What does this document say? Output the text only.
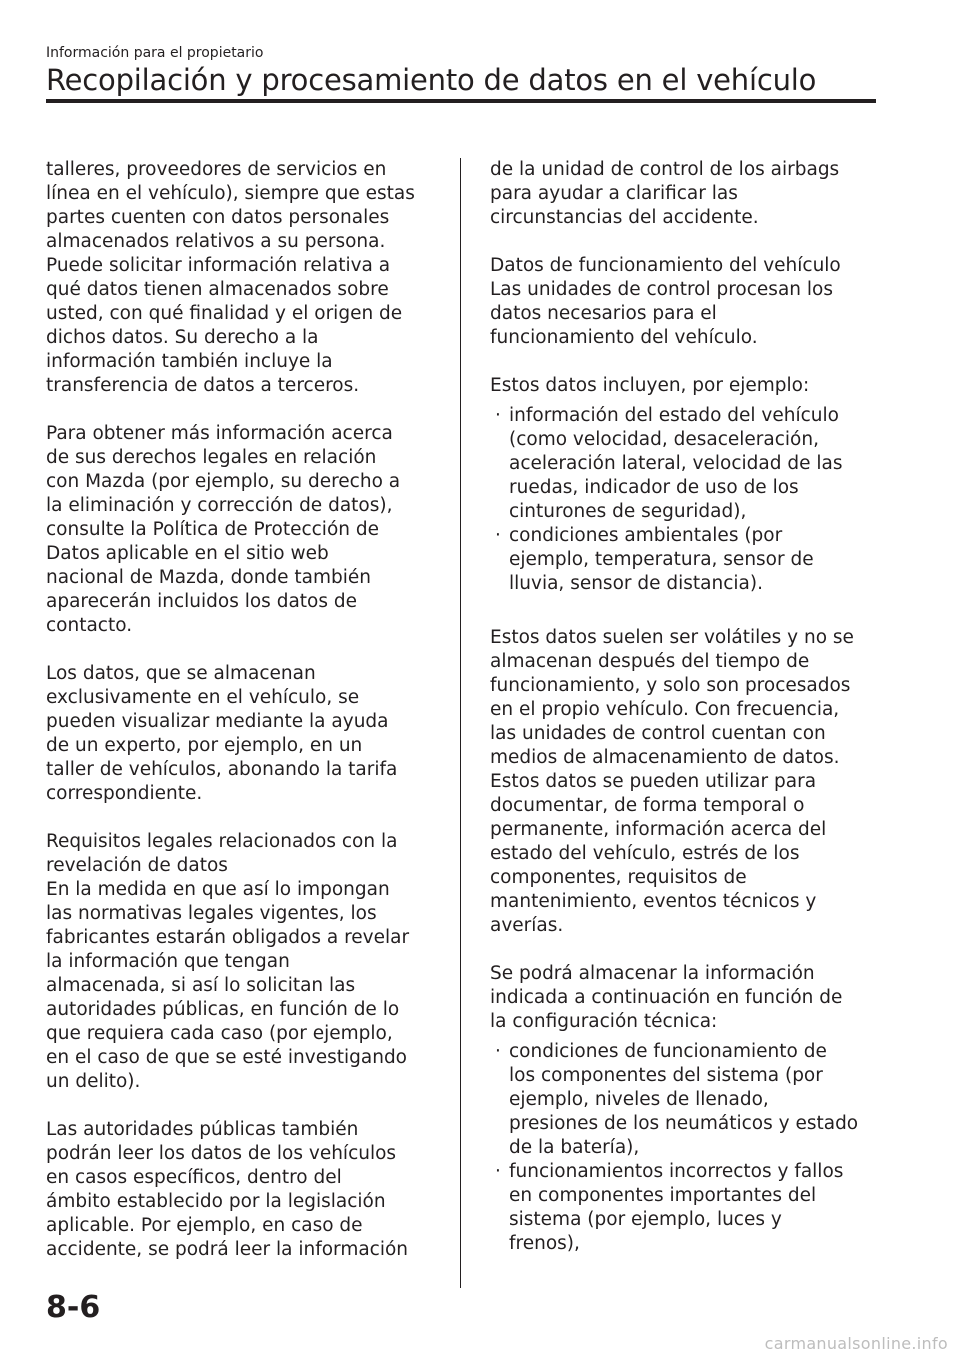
Información para el propietario
Recopilación y procesamiento de datos en el vehículo

talleres, proveedores de servicios en
línea en el vehículo), siempre que estas
partes cuenten con datos personales
almacenados relativos a su persona.
Puede solicitar información relativa a
qué datos tienen almacenados sobre
usted, con qué finalidad y el origen de
dichos datos. Su derecho a la
información también incluye la
transferencia de datos a terceros.

Para obtener más información acerca
de sus derechos legales en relación
con Mazda (por ejemplo, su derecho a
la eliminación y corrección de datos),
consulte la Política de Protección de
Datos aplicable en el sitio web
nacional de Mazda, donde también
aparecerán incluidos los datos de
contacto.

Los datos, que se almacenan
exclusivamente en el vehículo, se
pueden visualizar mediante la ayuda
de un experto, por ejemplo, en un
taller de vehículos, abonando la tarifa
correspondiente.

Requisitos legales relacionados con la
revelación de datos

En la medida en que así lo impongan
las normativas legales vigentes, los
fabricantes estarán obligados a revelar
la información que tengan
almacenada, si así lo solicitan las
autoridades públicas, en función de lo
que requiera cada caso (por ejemplo,
en el caso de que se esté investigando
un delito).

Las autoridades públicas también
podrán leer los datos de los vehículos
en casos específicos, dentro del
ámbito establecido por la legislación
aplicable. Por ejemplo, en caso de
accidente, se podrá leer la información

de la unidad de control de los airbags
para ayudar a clarificar las
circunstancias del accidente.

Datos de funcionamiento del vehículo

Las unidades de control procesan los
datos necesarios para el
funcionamiento del vehículo.

Estos datos incluyen, por ejemplo:

· información del estado del vehículo
(como velocidad, desaceleración,
aceleración lateral, velocidad de las
ruedas, indicador de uso de los
cinturones de seguridad),
· condiciones ambientales (por
ejemplo, temperatura, sensor de
lluvia, sensor de distancia).

Estos datos suelen ser volátiles y no se
almacenan después del tiempo de
funcionamiento, y solo son procesados
en el propio vehículo. Con frecuencia,
las unidades de control cuentan con
medios de almacenamiento de datos.
Estos datos se pueden utilizar para
documentar, de forma temporal o
permanente, información acerca del
estado del vehículo, estrés de los
componentes, requisitos de
mantenimiento, eventos técnicos y
averías.

Se podrá almacenar la información
indicada a continuación en función de
la configuración técnica:

· condiciones de funcionamiento de
los componentes del sistema (por
ejemplo, niveles de llenado,
presiones de los neumáticos y estado
de la batería),
· funcionamientos incorrectos y fallos
en componentes importantes del
sistema (por ejemplo, luces y
frenos),
8-6
carmanualsonline.info
